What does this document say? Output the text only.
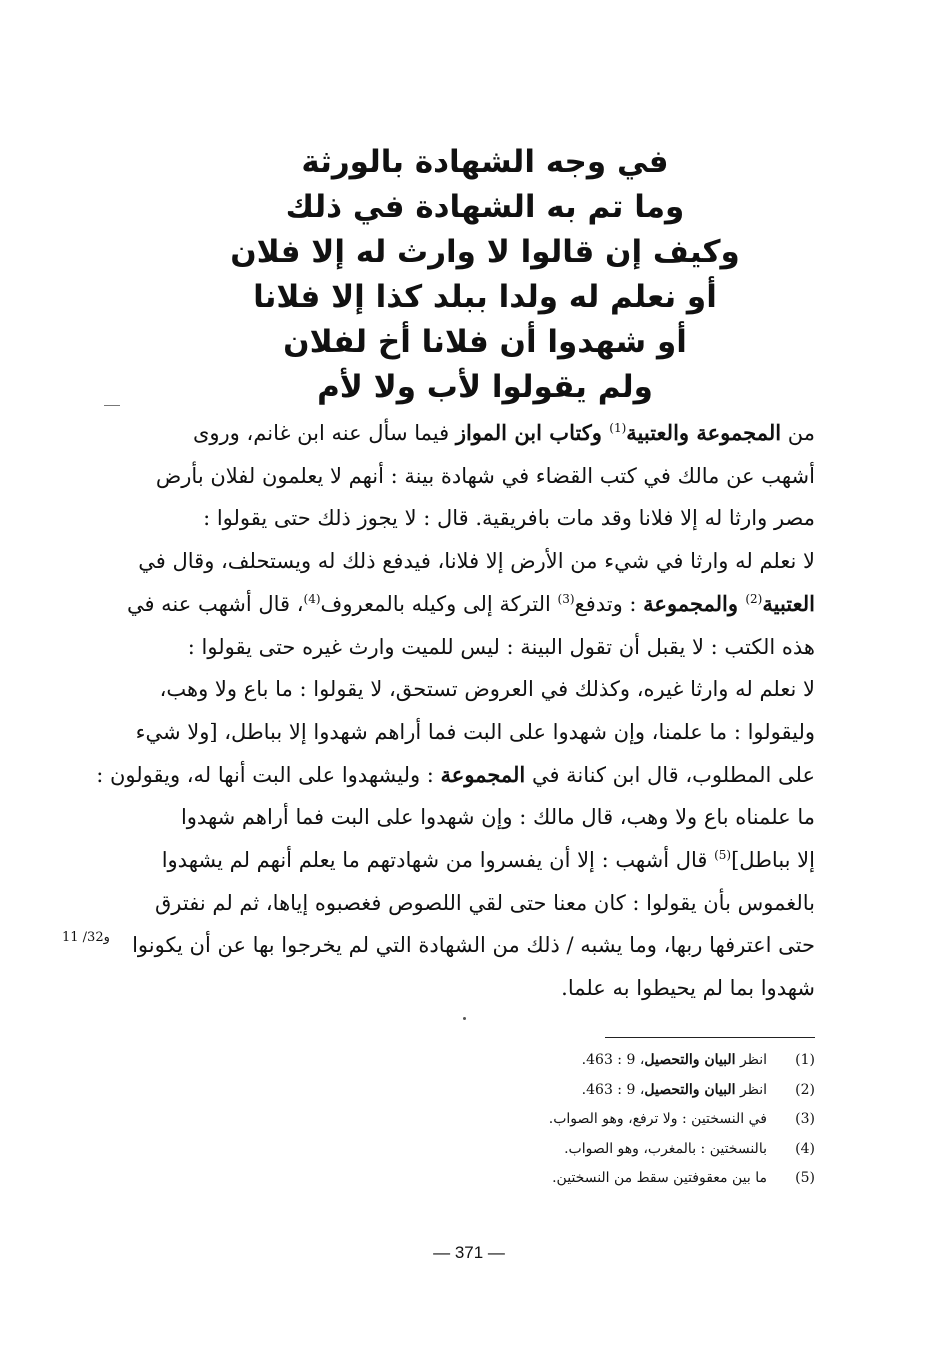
في وجه الشهادة بالورثة
وما تم به الشهادة في ذلك
وكيف إن قالوا لا وارث له إلا فلان
أو نعلم له ولدا ببلد كذا إلا فلانا
أو شهدوا أن فلانا أخ لفلان
ولم يقولوا لأب ولا لأم
من المجموعة والعتبية$^{(1)}$ وكتاب ابن المواز فيما سأل عنه ابن غانم، وروى
أشهب عن مالك في كتب القضاء في شهادة بينة : أنهم لا يعلمون لفلان بأرض
مصر وارثا له إلا فلانا وقد مات بافريقية. قال : لا يجوز ذلك حتى يقولوا :
لا نعلم له وارثا في شيء من الأرض إلا فلانا، فيدفع ذلك له ويستحلف، وقال في
العتبية$^{(2)}$ والمجموعة : وتدفع$^{(3)}$ التركة إلى وكيله بالمعروف$^{(4)}$، قال أشهب عنه في
هذه الكتب : لا يقبل أن تقول البينة : ليس للميت وارث غيره حتى يقولوا :
لا نعلم له وارثا غيره، وكذلك في العروض تستحق، لا يقولوا : ما باع ولا وهب،
وليقولوا : ما علمنا، وإن شهدوا على البت فما أراهم شهدوا إلا بباطل، [ولا شيء
على المطلوب، قال ابن كنانة في المجموعة : وليشهدوا على البت أنها له، ويقولون :
ما علمناه باع ولا وهب، قال مالك : وإن شهدوا على البت فما أراهم شهدوا
إلا بباطل]$^{(5)}$ قال أشهب : إلا أن يفسروا من شهادتهم ما يعلم أنهم لم يشهدوا
بالغموس بأن يقولوا : كان معنا حتى لقي اللصوص فغصبوه إياها، ثم لم نفترق
حتى اعترفها ربها، وما يشبه / ذلك من الشهادة التي لم يخرجوا بها عن أن يكونوا
شهدوا بما لم يحيطوا به علما.
11 /32و
(1)
انظر البيان والتحصيل، 9 : 463.
(2)
انظر البيان والتحصيل، 9 : 463.
(3)
في النسختين : ولا ترفع، وهو الصواب.
(4)
بالنسختين : بالمغرب، وهو الصواب.
(5)
ما بين معقوفتين سقط من النسختين.
— 371 —
